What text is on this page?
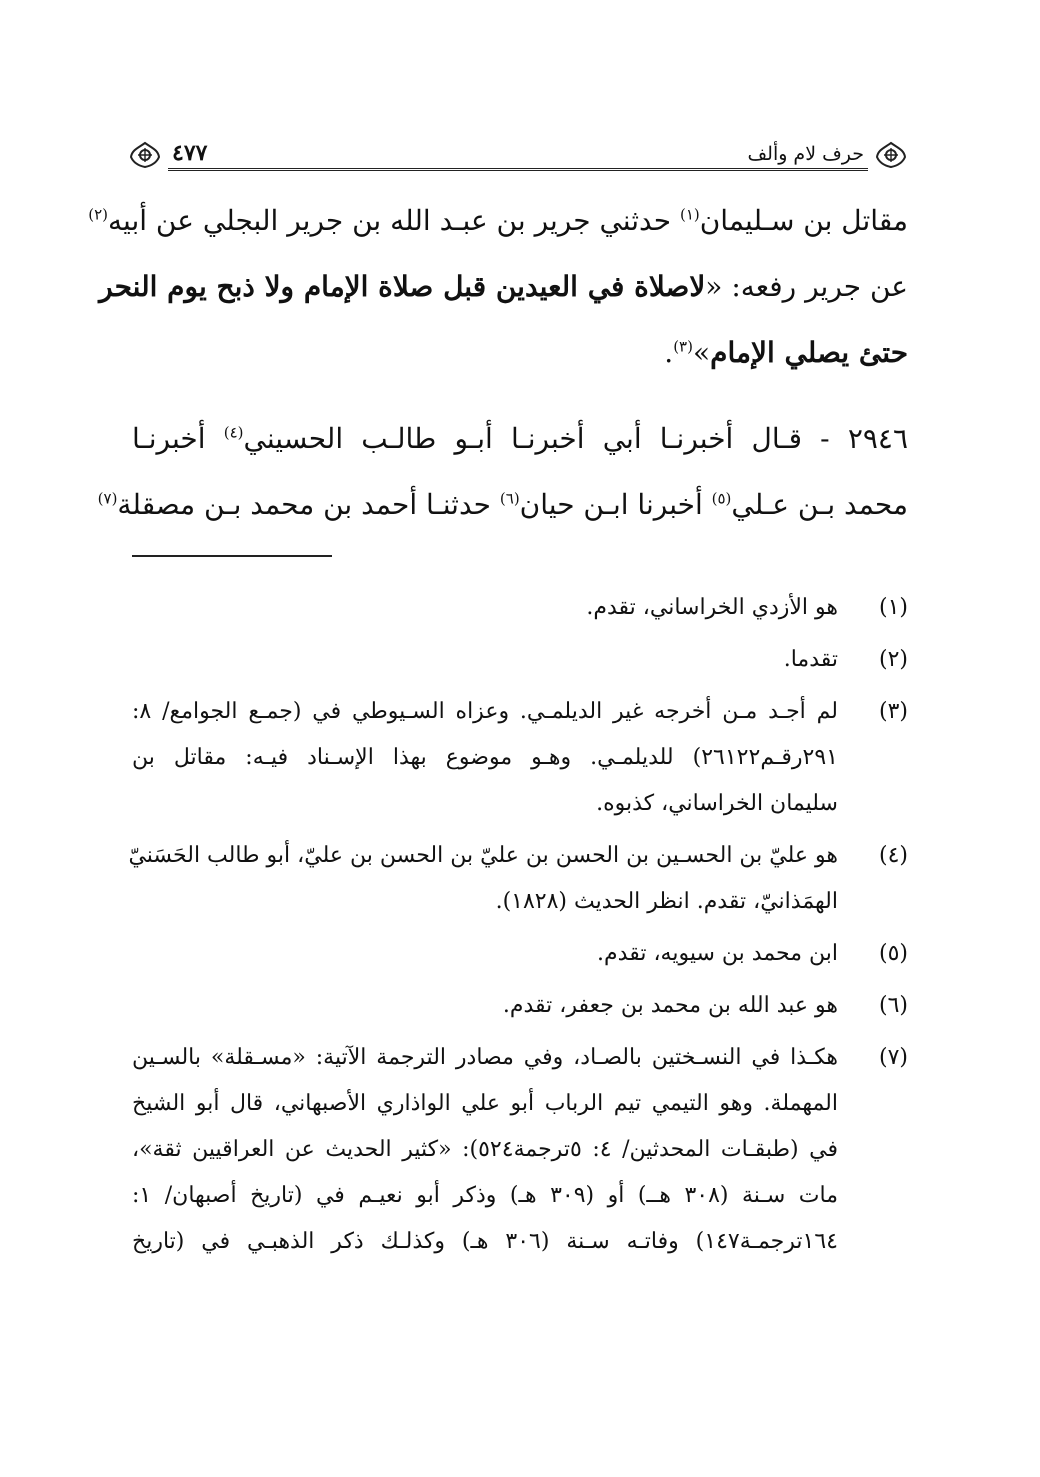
حرف لام وألف
٤٧٧
مقاتل بن سـليمان$^{(١)}$ حدثني جرير بن عبـد الله بن جرير البجلي عن أبيه$^{(٢)}$
عن جرير رفعه: «لاصلاة في العيدين قبل صلاة الإمام ولا ذبح يوم النحر
حتئ يصلي الإمام»$^{(٣)}$.
٢٩٤٦ - قـال أخبرنـا أبي أخبرنـا أبـو طالـب الحسيني$^{(٤)}$ أخبرنـا
محمد بـن عـلي$^{(٥)}$ أخبرنا ابـن حيان$^{(٦)}$ حدثنـا أحمد بن محمد بـن مصقلة$^{(٧)}$
(١)
هو الأزدي الخراساني، تقدم.
(٢)
تقدما.
(٣)
لم أجـد مـن أخرجه غير الديلمـي. وعزاه السـيوطي في (جمـع الجوامع/ ٨:
٢٩١رقـم٢٦١٢٢) للديلمـي. وهـو موضوع بهذا الإسـناد فيـه: مقاتل بن
سليمان الخراساني، كذبوه.
(٤)
هو عليّ بن الحسـين بن الحسن بن عليّ بن الحسن بن عليّ، أبو طالب الحَسَنيّ
الهمَذانيّ، تقدم. انظر الحديث (١٨٢٨).
(٥)
ابن محمد بن سيويه، تقدم.
(٦)
هو عبد الله بن محمد بن جعفر، تقدم.
(٧)
هكـذا في النسـختين بالصـاد، وفي مصادر الترجمة الآتية: «مسـقلة» بالسـين
المهملة. وهو التيمي تيم الرباب أبو علي الواذاري الأصبهاني، قال أبو الشيخ
في (طبقـات المحدثين/ ٤: ٥ترجمة٥٢٤): «كثير الحديث عن العراقيين ثقة»،
مات سـنة (٣٠٨ هــ) أو (٣٠٩ هـ) وذكر أبو نعيـم في (تاريخ أصبهان/ ١:
١٦٤ترجمـة١٤٧) وفاتـه سـنة (٣٠٦ هـ) وكذلـك ذكر الذهبـي في (تاريخ
